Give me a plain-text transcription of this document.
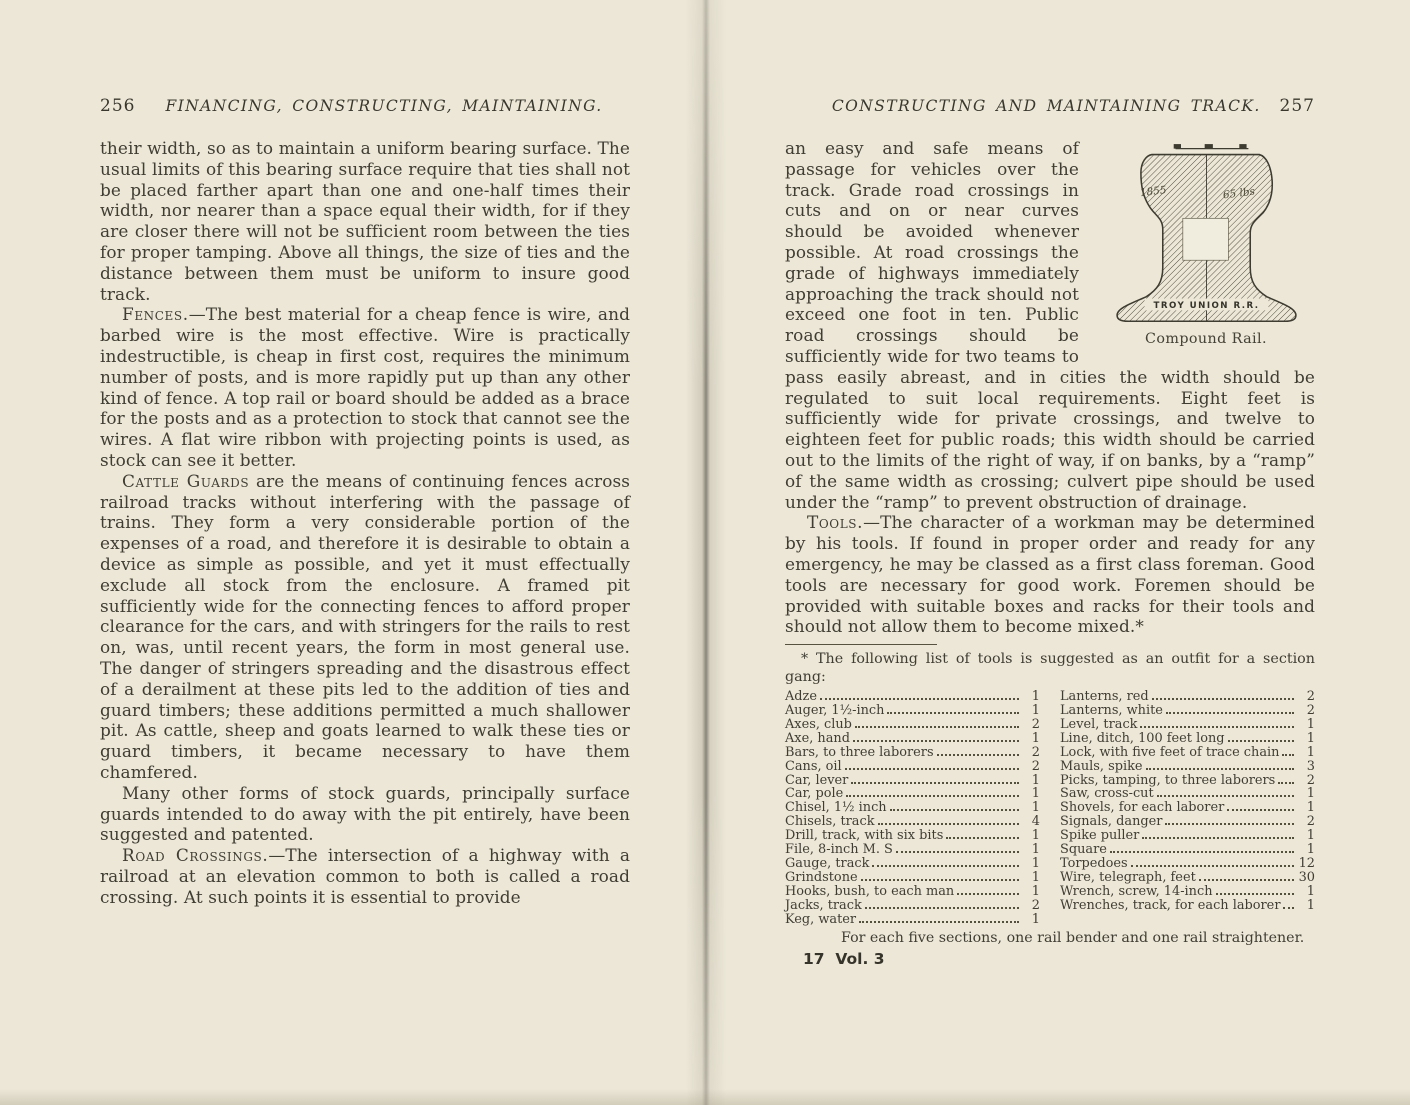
256 FINANCING, CONSTRUCTING, MAINTAINING.

their width, so as to maintain a uniform bearing surface. The usual limits of this bearing surface require that ties shall not be placed farther apart than one and one-half times their width, nor nearer than a space equal their width, for if they are closer there will not be sufficient room between the ties for proper tamping. Above all things, the size of ties and the distance between them must be uniform to insure good track.

Fences.—The best material for a cheap fence is wire, and barbed wire is the most effective. Wire is practically indestructible, is cheap in first cost, requires the minimum number of posts, and is more rapidly put up than any other kind of fence. A top rail or board should be added as a brace for the posts and as a protection to stock that cannot see the wires. A flat wire ribbon with projecting points is used, as stock can see it better.

Cattle Guards are the means of continuing fences across railroad tracks without interfering with the passage of trains. They form a very considerable portion of the expenses of a road, and therefore it is desirable to obtain a device as simple as possible, and yet it must effectually exclude all stock from the enclosure. A framed pit sufficiently wide for the connecting fences to afford proper clearance for the cars, and with stringers for the rails to rest on, was, until recent years, the form in most general use. The danger of stringers spreading and the disastrous effect of a derailment at these pits led to the addition of ties and guard timbers; these additions permitted a much shallower pit. As cattle, sheep and goats learned to walk these ties or guard timbers, it became necessary to have them chamfered.

Many other forms of stock guards, principally surface guards intended to do away with the pit entirely, have been suggested and patented.

Road Crossings.—The intersection of a highway with a railroad at an elevation common to both is called a road crossing. At such points it is essential to provide

CONSTRUCTING AND MAINTAINING TRACK. 257
TROY UNION R.R.
1855	65 lbs
Compound Rail.

an easy and safe means of passage for vehicles over the track. Grade road crossings in cuts and on or near curves should be avoided whenever possible. At road crossings the grade of highways immediately approaching the track should not exceed one foot in ten. Public road crossings should be sufficiently wide for two teams to pass easily abreast, and in cities the width should be regulated to suit local requirements. Eight feet is sufficiently wide for private crossings, and twelve to eighteen feet for public roads; this width should be carried out to the limits of the right of way, if on banks, by a “ramp” of the same width as crossing; culvert pipe should be used under the “ramp” to prevent obstruction of drainage.

Tools.—The character of a workman may be determined by his tools. If found in proper order and ready for any emergency, he may be classed as a first class foreman. Good tools are necessary for good work. Foremen should be provided with suitable boxes and racks for their tools and should not allow them to become mixed.*

* The following list of tools is suggested as an outfit for a section gang:

Adze	1
Auger, 1½-inch	1
Axes, club	2
Axe, hand	1
Bars, to three laborers	2
Cans, oil	2
Car, lever	1
Car, pole	1
Chisel, 1½ inch	1
Chisels, track	4
Drill, track, with six bits	1
File, 8-inch M. S	1
Gauge, track	1
Grindstone	1
Hooks, bush, to each man	1
Jacks, track	2
Keg, water	1
Lanterns, red	2
Lanterns, white	2
Level, track	1
Line, ditch, 100 feet long	1
Lock, with five feet of trace chain	1
Mauls, spike	3
Picks, tamping, to three laborers	2
Saw, cross-cut	1
Shovels, for each laborer	1
Signals, danger	2
Spike puller	1
Square	1
Torpedoes	12
Wire, telegraph, feet	30
Wrench, screw, 14-inch	1
Wrenches, track, for each laborer	1

For each five sections, one rail bender and one rail straightener.

17  Vol. 3
